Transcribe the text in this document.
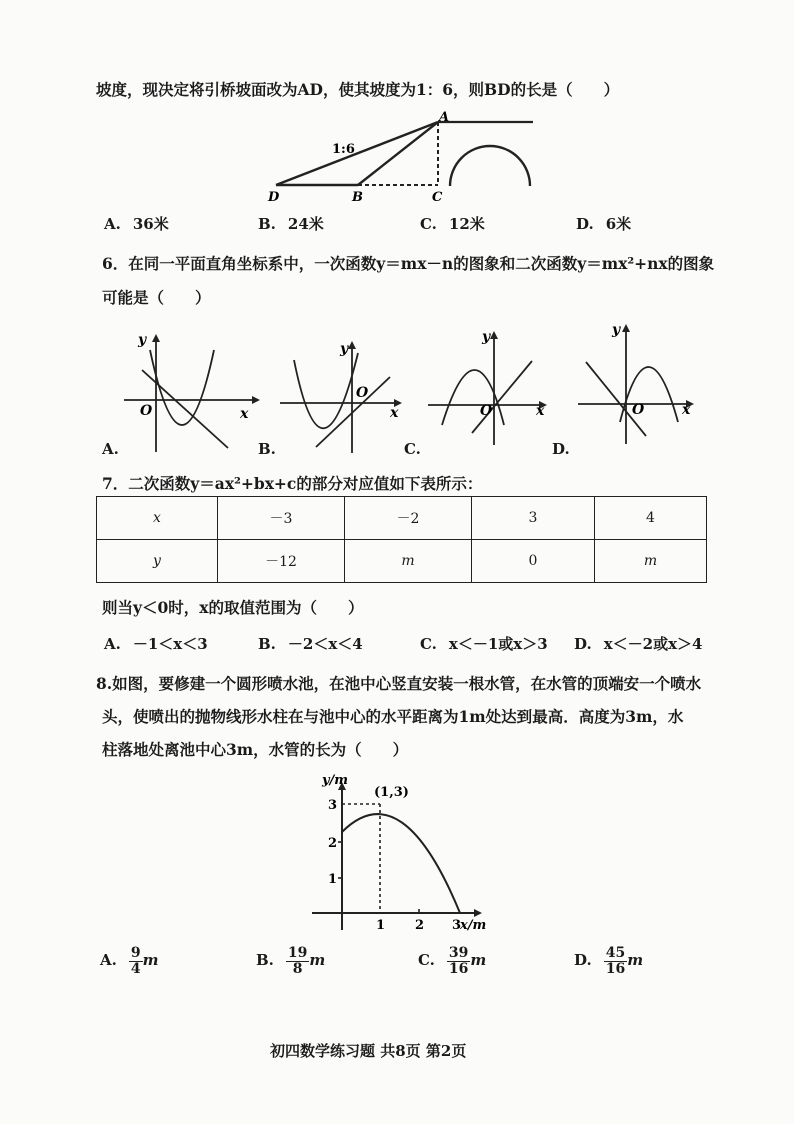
坡度，现决定将引桥坡面改为AD，使其坡度为1：6，则BD的长是（　　）
1:6
A
D	B	C
A. 36米	B. 24米	C. 12米	D. 6米
6．在同一平面直角坐标系中，一次函数y＝mx－n的图象和二次函数y＝mx²+nx的图象
可能是（　　）
y
x
O
A.
y
x
O
B.
y
x
O
C.
y
x
O
D.
7．二次函数y＝ax²+bx+c的部分对应值如下表所示：
x	－3	－2	3	4
y	－12	m	0	m
则当y＜0时，x的取值范围为（　　）
A. －1＜x＜3	B. －2＜x＜4	C. x＜－1或x＞3 D. x＜－2或x＞4
8.如图，要修建一个圆形喷水池，在池中心竖直安装一根水管，在水管的顶端安一个喷水
头，使喷出的抛物线形水柱在与池中心的水平距离为1m处达到最高．高度为3m，水
柱落地处离池中心3m，水管的长为（　　）
y/m
(1,3)
3
2
1
1 2 3
x/m
A. $\frac{9}{4}$ m	B. $\frac{19}{8}$ m	C. $\frac{39}{16}$ m	D. $\frac{45}{16}$ m
初四数学练习题 共8页 第2页
